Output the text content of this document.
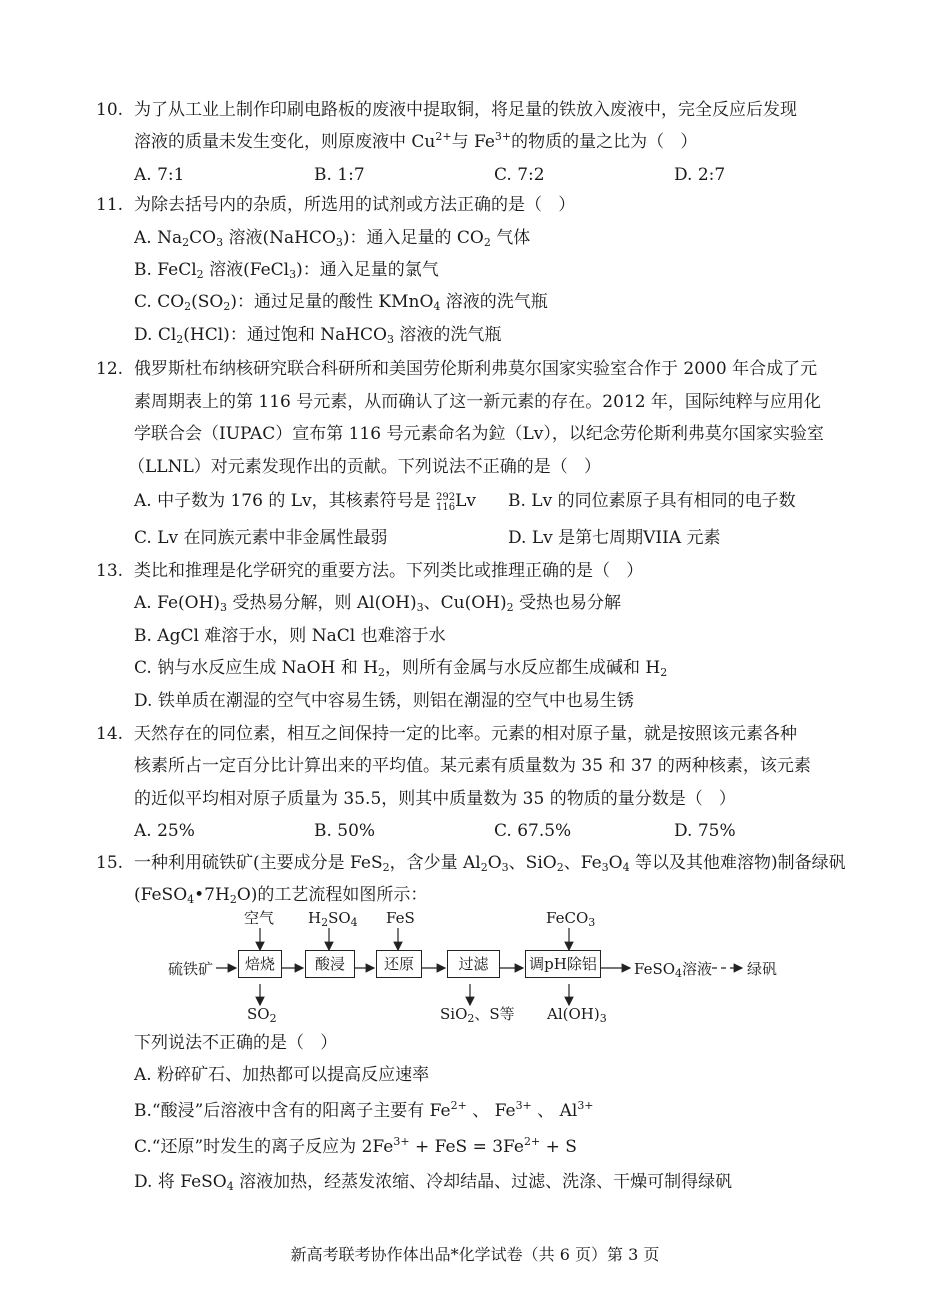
10. 为了从工业上制作印刷电路板的废液中提取铜，将足量的铁放入废液中，完全反应后发现
溶液的质量未发生变化，则原废液中 $Cu^{2+}$与 $Fe^{3+}$的物质的量之比为（   ）
A. 7:1	B. 1:7	C. 7:2	D. 2:7
11. 为除去括号内的杂质，所选用的试剂或方法正确的是（   ）
A. $Na_2CO_3$ 溶液(NaHCO$_3$)：通入足量的 $CO_2$ 气体
B. FeCl$_2$ 溶液(FeCl$_3$)：通入足量的氯气
C. $CO_2(SO_2)$：通过足量的酸性 KMnO$_4$ 溶液的洗气瓶
D. $Cl_2(HCl)$：通过饱和 NaHCO$_3$ 溶液的洗气瓶
12. 俄罗斯杜布纳核研究联合科研所和美国劳伦斯利弗莫尔国家实验室合作于 2000 年合成了元
素周期表上的第 116 号元素，从而确认了这一新元素的存在。2012 年，国际纯粹与应用化
学联合会（IUPAC）宣布第 116 号元素命名为鉝（Lv），以纪念劳伦斯利弗莫尔国家实验室
（LLNL）对元素发现作出的贡献。下列说法不正确的是（   ）
A. 中子数为 176 的 Lv，其核素符号是 292
116Lv B. Lv 的同位素原子具有相同的电子数
C. Lv 在同族元素中非金属性最弱	D. Lv 是第七周期VIIA 元素
13. 类比和推理是化学研究的重要方法。下列类比或推理正确的是（   ）
A. $Fe(OH)_3$ 受热易分解，则 $Al(OH)_3$、$Cu(OH)_2$ 受热也易分解
B. AgCl 难溶于水，则 NaCl 也难溶于水
C. 钠与水反应生成 NaOH 和 $H_2$，则所有金属与水反应都生成碱和 $H_2$
D. 铁单质在潮湿的空气中容易生锈，则铝在潮湿的空气中也易生锈
14. 天然存在的同位素，相互之间保持一定的比率。元素的相对原子量，就是按照该元素各种
核素所占一定百分比计算出来的平均值。某元素有质量数为 35 和 37 的两种核素，该元素
的近似平均相对原子质量为 35.5，则其中质量数为 35 的物质的量分数是（   ）
A. 25%	B. 50%	C. 67.5%	D. 75%
15. 一种利用硫铁矿(主要成分是 FeS$_2$，含少量 $Al_2O_3$、SiO$_2$、$Fe_3O_4$ 等以及其他难溶物)制备绿矾
$(FeSO_4•7H_2O)$的工艺流程如图所示：
硫铁矿	焙烧	酸浸	还原	过滤	调pH除铝
空气 $H_2SO_4$ FeS	FeCO$_3$
$SO_2$	SiO$_2$、S等 $Al(OH)_3$
FeSO$_4$溶液 绿矾
下列说法不正确的是（   ）
A. 粉碎矿石、加热都可以提高反应速率
B.“酸浸”后溶液中含有的阳离子主要有 $Fe^{2+}$ 、 $Fe^{3+}$ 、 $Al^{3+}$
C.“还原”时发生的离子反应为 $2Fe^{3+}$ + FeS = $3Fe^{2+} + S$
D. 将 FeSO$_4$ 溶液加热，经蒸发浓缩、冷却结晶、过滤、洗涤、干燥可制得绿矾
新高考联考协作体出品*化学试卷（共 6 页）第 3 页
